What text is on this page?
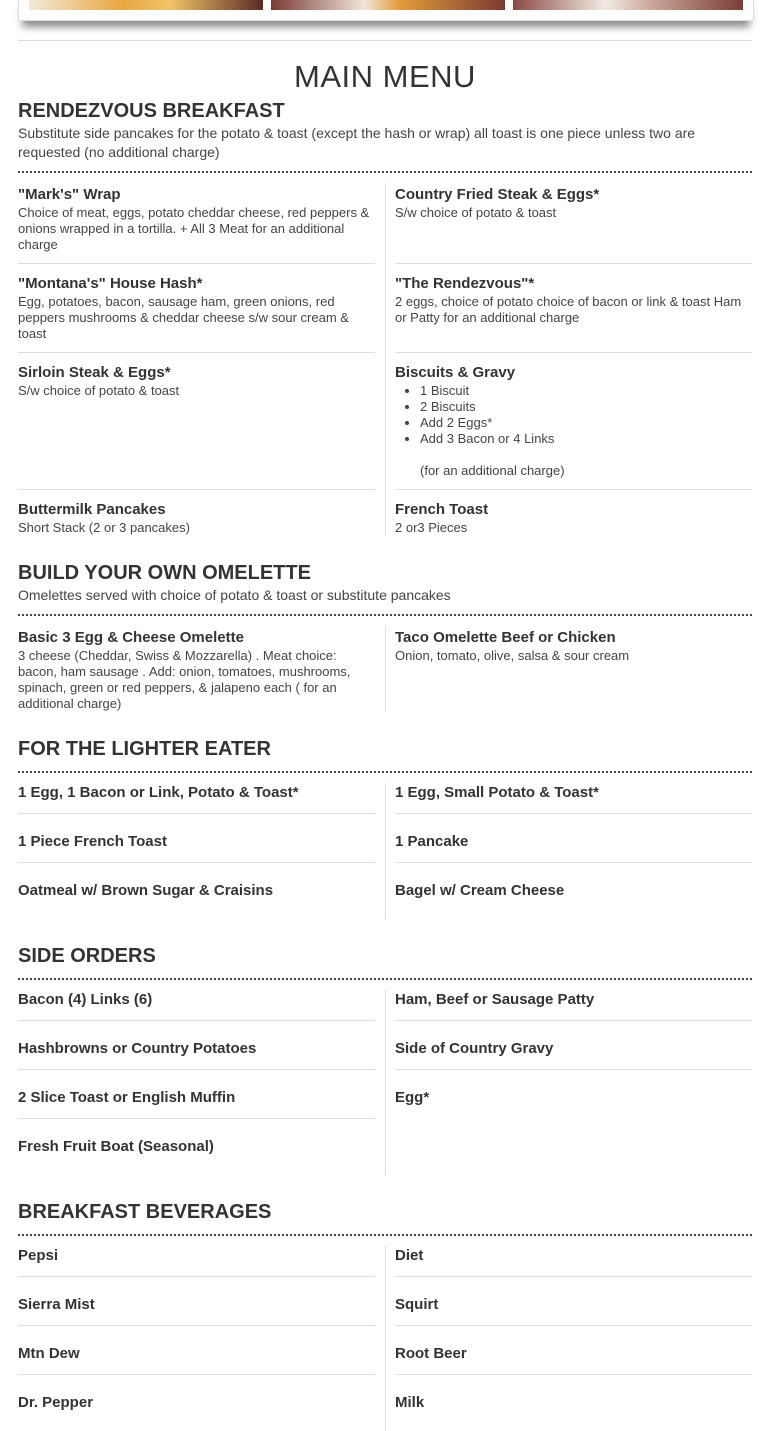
MAIN MENU
RENDEZVOUS BREAKFAST
Substitute side pancakes for the potato & toast (except the hash or wrap) all toast is one piece unless two are requested (no additional charge)
"Mark's" Wrap
Choice of meat, eggs, potato cheddar cheese, red peppers & onions wrapped in a tortilla. + All 3 Meat for an additional charge
"Montana's" House Hash*
Egg, potatoes, bacon, sausage ham, green onions, red peppers mushrooms & cheddar cheese s/w sour cream & toast
Sirloin Steak & Eggs*
S/w choice of potato & toast
Buttermilk Pancakes
Short Stack (2 or 3 pancakes)
Country Fried Steak & Eggs*
S/w choice of potato & toast
"The Rendezvous"*
2 eggs, choice of potato choice of bacon or link & toast Ham or Patty for an additional charge
Biscuits & Gravy
• 1 Biscuit
• 2 Biscuits
• Add 2 Eggs*
• Add 3 Bacon or 4 Links
(for an additional charge)
French Toast
2 or3 Pieces
BUILD YOUR OWN OMELETTE
Omelettes served with choice of potato & toast or substitute pancakes
Basic 3 Egg & Cheese Omelette
3 cheese (Cheddar, Swiss & Mozzarella) . Meat choice: bacon, ham sausage . Add: onion, tomatoes, mushrooms, spinach, green or red peppers, & jalapeno each ( for an additional charge)
Taco Omelette Beef or Chicken
Onion, tomato, olive, salsa & sour cream
FOR THE LIGHTER EATER
1 Egg, 1 Bacon or Link, Potato & Toast*
1 Piece French Toast
Oatmeal w/ Brown Sugar & Craisins
1 Egg, Small Potato & Toast*
1 Pancake
Bagel w/ Cream Cheese
SIDE ORDERS
Bacon (4) Links (6)
Hashbrowns or Country Potatoes
2 Slice Toast or English Muffin
Fresh Fruit Boat (Seasonal)
Ham, Beef or Sausage Patty
Side of Country Gravy
Egg*
BREAKFAST BEVERAGES
Pepsi
Sierra Mist
Mtn Dew
Dr. Pepper
Diet
Squirt
Root Beer
Milk
